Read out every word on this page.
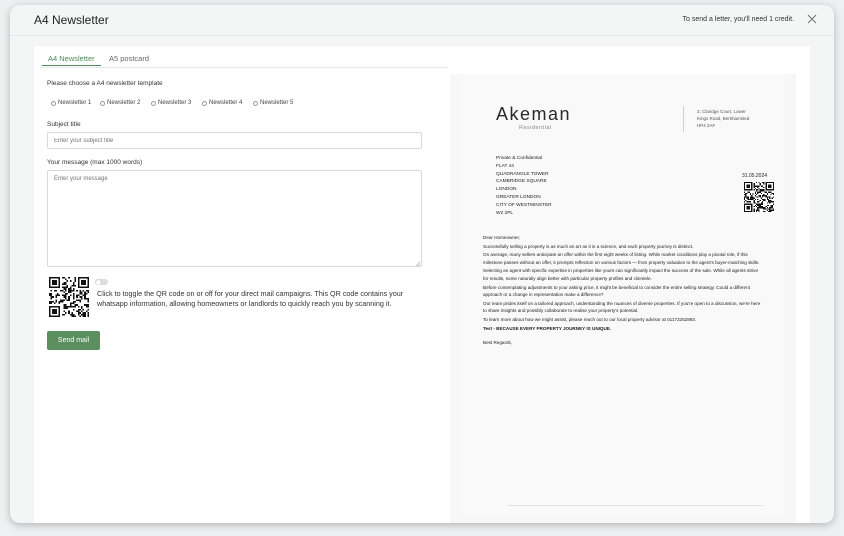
A4 Newsletter	To send a letter, you'll need 1 credit.
A4 Newsletter	A5 postcard
Please choose a A4 newsletter template
Newsletter 1	Newsletter 2	Newsletter 3	Newsletter 4	Newsletter 5
Subject title
Enter your subject title
Your message (max 1000 words)
Enter your message
Click to toggle the QR code on or off for your direct mail campaigns. This QR code contains your whatsapp information, allowing homeowners or landlords to quickly reach you by scanning it.
Send mail
Akeman
Residential
3, Claridge Court, Lower
Kings Road, Berkhamsted
HP4 2AF
Private & Confidential
FLAT 44
QUADRANGLE TOWER
CAMBRIDGE SQUARE
LONDON
GREATER LONDON
CITY OF WESTMINSTER
W2 2PL
31.05.2024

Dear Homeowner,

Successfully selling a property is as much an art as it is a science, and each property journey is distinct.

On average, many sellers anticipate an offer within the first eight weeks of listing. While market conditions play a pivotal role, if this milestone passes without an offer, it prompts reflection on various factors — from property valuation to the agent's buyer-matching skills.

Selecting an agent with specific expertise in properties like yours can significantly impact the success of the sale. While all agents strive for results, some naturally align better with particular property profiles and clientele.

Before contemplating adjustments to your asking price, it might be beneficial to consider the entire selling strategy. Could a different approach or a change in representation make a difference?

Our team prides itself on a tailored approach, understanding the nuances of diverse properties. If you're open to a discussion, we're here to share insights and possibly collaborate to realise your property's potential.

To learn more about how we might assist, please reach out to our local property advisor at 01173252893.

Test - BECAUSE EVERY PROPERTY JOURNEY IS UNIQUE.

Best Regards,
